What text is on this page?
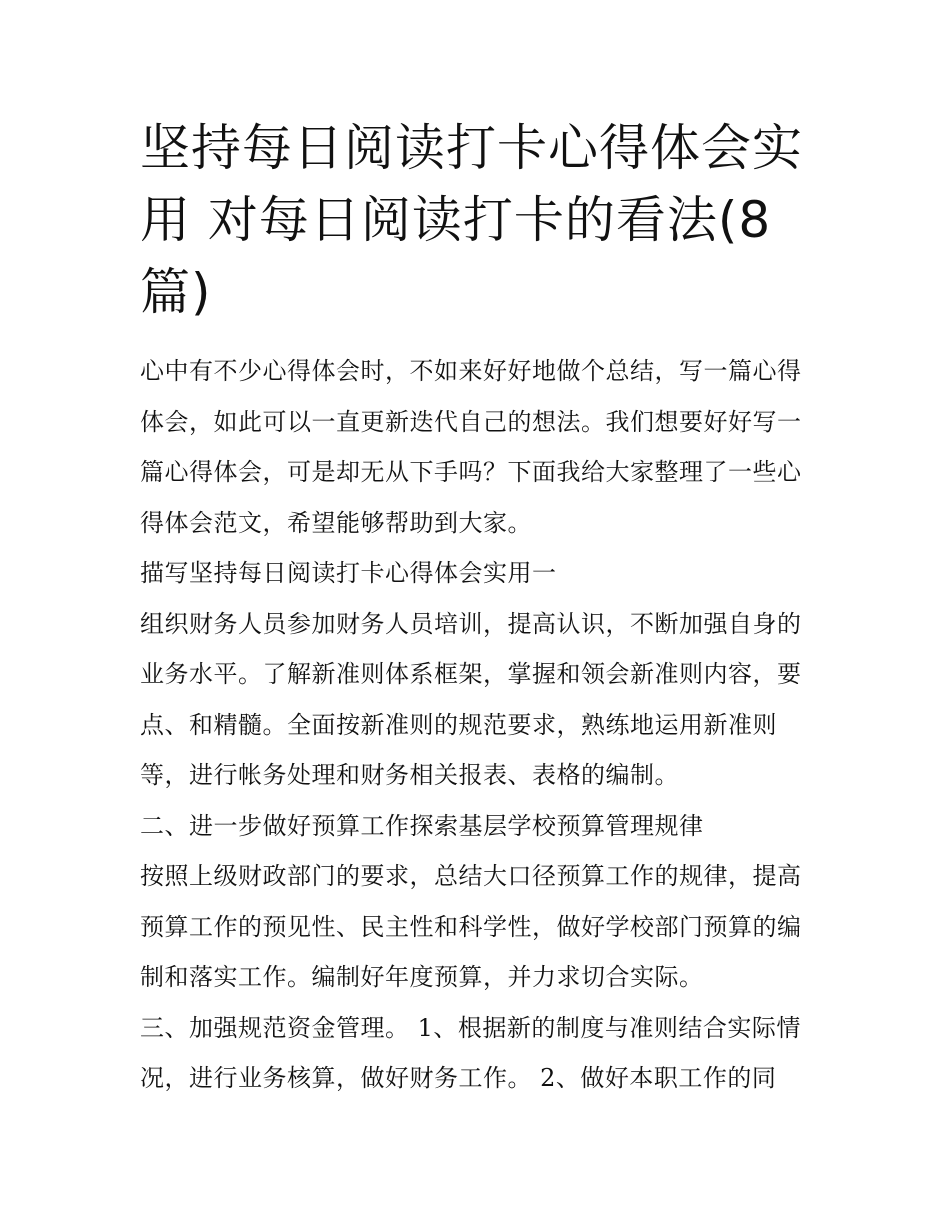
坚持每日阅读打卡心得体会实
用 对每日阅读打卡的看法(8
篇)

心中有不少心得体会时，不如来好好地做个总结，写一篇心得
体会，如此可以一直更新迭代自己的想法。我们想要好好写一
篇心得体会，可是却无从下手吗？下面我给大家整理了一些心
得体会范文，希望能够帮助到大家。

描写坚持每日阅读打卡心得体会实用一

组织财务人员参加财务人员培训，提高认识，不断加强自身的
业务水平。了解新准则体系框架，掌握和领会新准则内容，要
点、和精髓。全面按新准则的规范要求，熟练地运用新准则
等，进行帐务处理和财务相关报表、表格的编制。

二、进一步做好预算工作探索基层学校预算管理规律

按照上级财政部门的要求，总结大口径预算工作的规律，提高
预算工作的预见性、民主性和科学性，做好学校部门预算的编
制和落实工作。编制好年度预算，并力求切合实际。

三、加强规范资金管理。 1、根据新的制度与准则结合实际情
况，进行业务核算，做好财务工作。 2、做好本职工作的同
